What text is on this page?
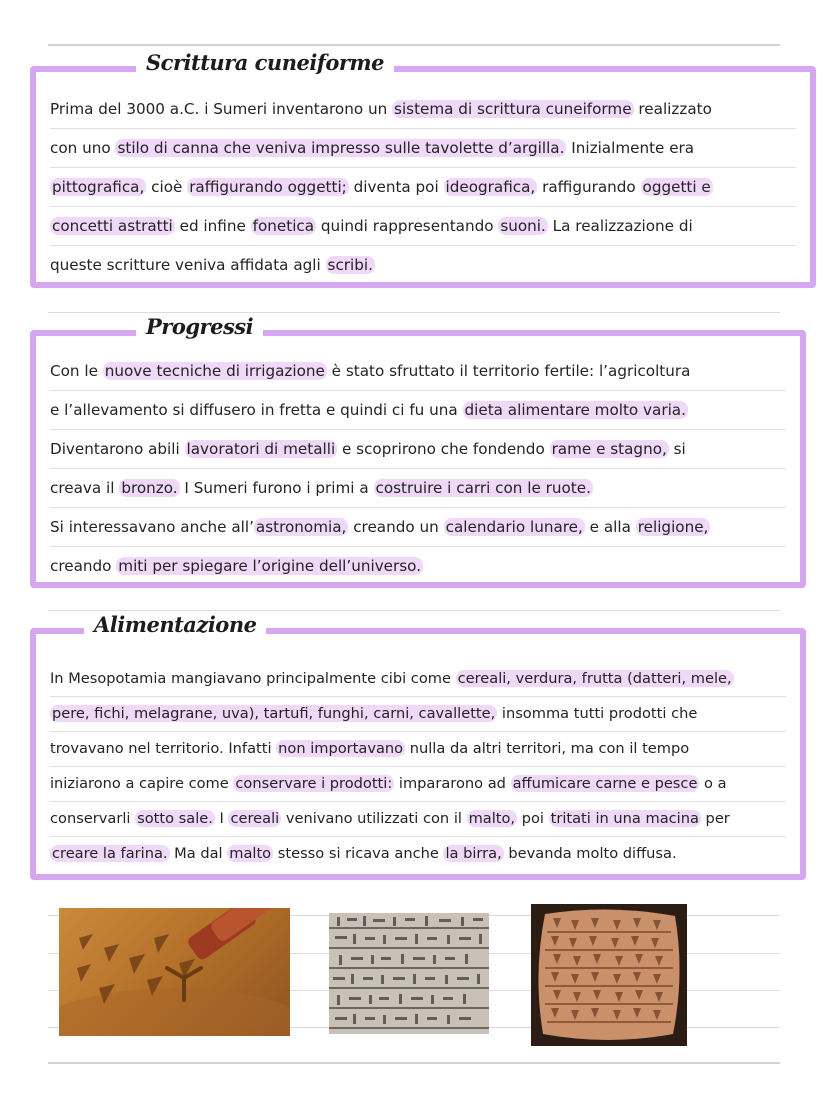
Scrittura cuneiforme
Prima del 3000 a.C. i Sumeri inventarono un sistema di scrittura cuneiforme realizzato
con uno stilo di canna che veniva impresso sulle tavolette d’argilla. Inizialmente era
pittografica, cioè raffigurando oggetti; diventa poi ideografica, raffigurando oggetti e
concetti astratti ed infine fonetica quindi rappresentando suoni. La realizzazione di
queste scritture veniva affidata agli scribi.
Progressi
Con le nuove tecniche di irrigazione è stato sfruttato il territorio fertile: l’agricoltura
e l’allevamento si diffusero in fretta e quindi ci fu una dieta alimentare molto varia.
Diventarono abili lavoratori di metalli e scoprirono che fondendo rame e stagno, si
creava il bronzo. I Sumeri furono i primi a costruire i carri con le ruote.
Si interessavano anche all’ astronomia, creando un calendario lunare, e alla religione,
creando miti per spiegare l’origine dell’universo.
Alimentazione
In Mesopotamia mangiavano principalmente cibi come cereali, verdura, frutta (datteri, mele,
pere, fichi, melagrane, uva), tartufi, funghi, carni, cavallette, insomma tutti prodotti che
trovavano nel territorio. Infatti non importavano nulla da altri territori, ma con il tempo
iniziarono a capire come conservare i prodotti: impararono ad affumicare carne e pesce o a
conservarli sotto sale. I cereali venivano utilizzati con il malto, poi tritati in una macina per
creare la farina. Ma dal malto stesso si ricava anche la birra, bevanda molto diffusa.
